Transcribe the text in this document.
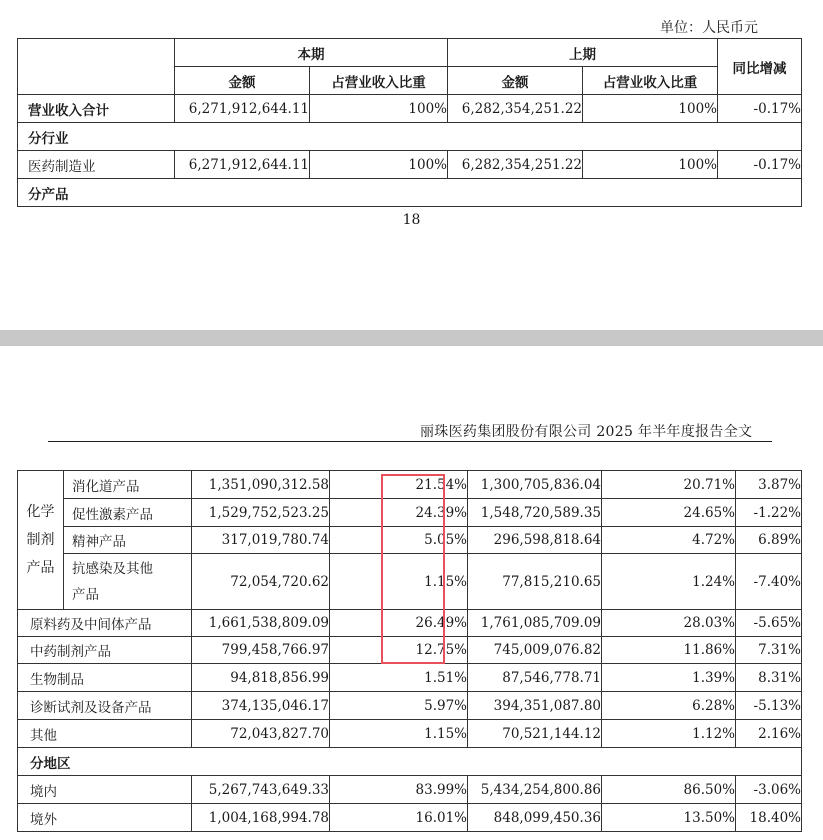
单位：人民币元
	本期		上期		同比增减
	金额	占营业收入比重	金额	占营业收入比重	
营业收入合计	6,271,912,644.11	100%	6,282,354,251.22	100%	-0.17%
分行业					
医药制造业	6,271,912,644.11	100%	6,282,354,251.22	100%	-0.17%
分产品					
18
丽珠医药集团股份有限公司 2025 年半年度报告全文
化学
制剂
产品	消化道产品	1,351,090,312.58	21.54%	1,300,705,836.04	20.71%	3.87%
	促性激素产品	1,529,752,523.25	24.39%	1,548,720,589.35	24.65%	-1.22%
	精神产品	317,019,780.74	5.05%	296,598,818.64	4.72%	6.89%
	抗感染及其他
产品	72,054,720.62	1.15%	77,815,210.65	1.24%	-7.40%
原料药及中间体产品		1,661,538,809.09	26.49%	1,761,085,709.09	28.03%	-5.65%
中药制剂产品		799,458,766.97	12.75%	745,009,076.82	11.86%	7.31%
生物制品		94,818,856.99	1.51%	87,546,778.71	1.39%	8.31%
诊断试剂及设备产品		374,135,046.17	5.97%	394,351,087.80	6.28%	-5.13%
其他		72,043,827.70	1.15%	70,521,144.12	1.12%	2.16%
分地区						
境内		5,267,743,649.33	83.99%	5,434,254,800.86	86.50%	-3.06%
境外		1,004,168,994.78	16.01%	848,099,450.36	13.50%	18.40%
